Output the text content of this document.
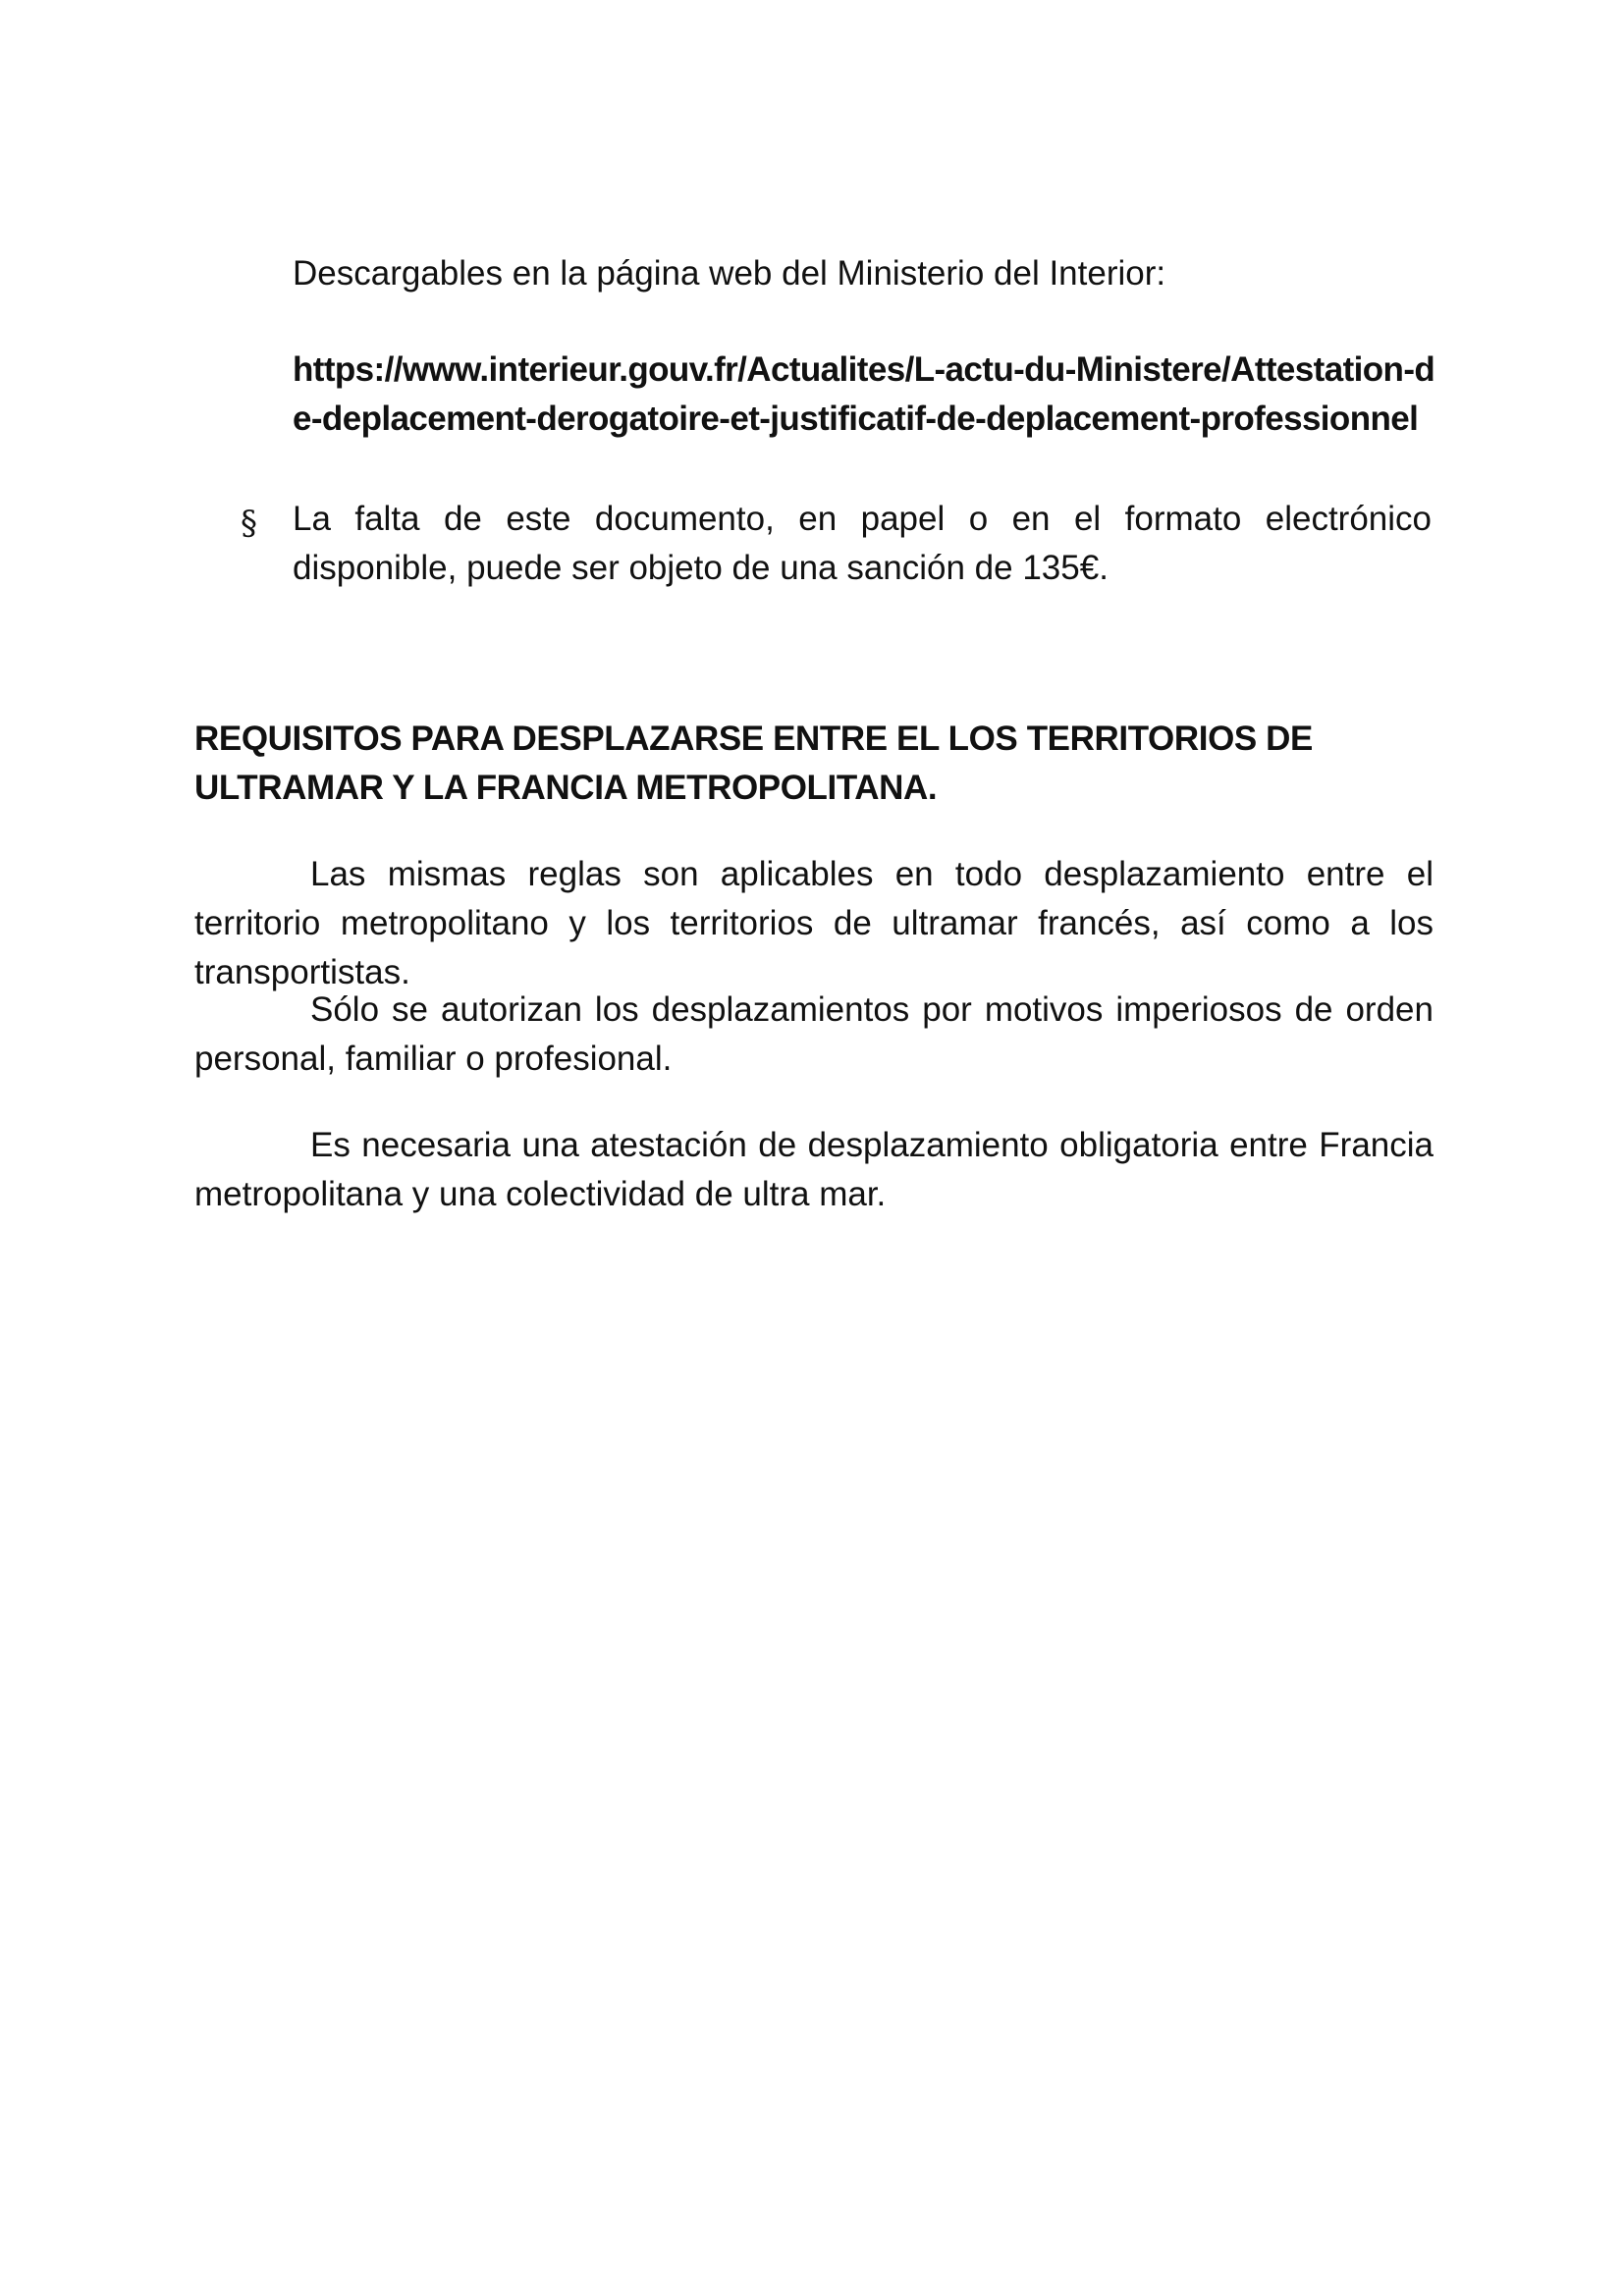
Descargables en la página web del Ministerio del Interior:
https://www.interieur.gouv.fr/Actualites/L-actu-du-Ministere/Attestation-de-deplacement-derogatoire-et-justificatif-de-deplacement-professionnel
§ La falta de este documento, en papel o en el formato electrónico disponible, puede ser objeto de una sanción de 135€.
REQUISITOS PARA DESPLAZARSE ENTRE EL LOS TERRITORIOS DE ULTRAMAR Y LA FRANCIA METROPOLITANA.
Las mismas reglas son aplicables en todo desplazamiento entre el territorio metropolitano y los territorios de ultramar francés, así como a los transportistas.
Sólo se autorizan los desplazamientos por motivos imperiosos de orden personal, familiar o profesional.
Es necesaria una atestación de desplazamiento obligatoria entre Francia metropolitana y una colectividad de ultra mar.
